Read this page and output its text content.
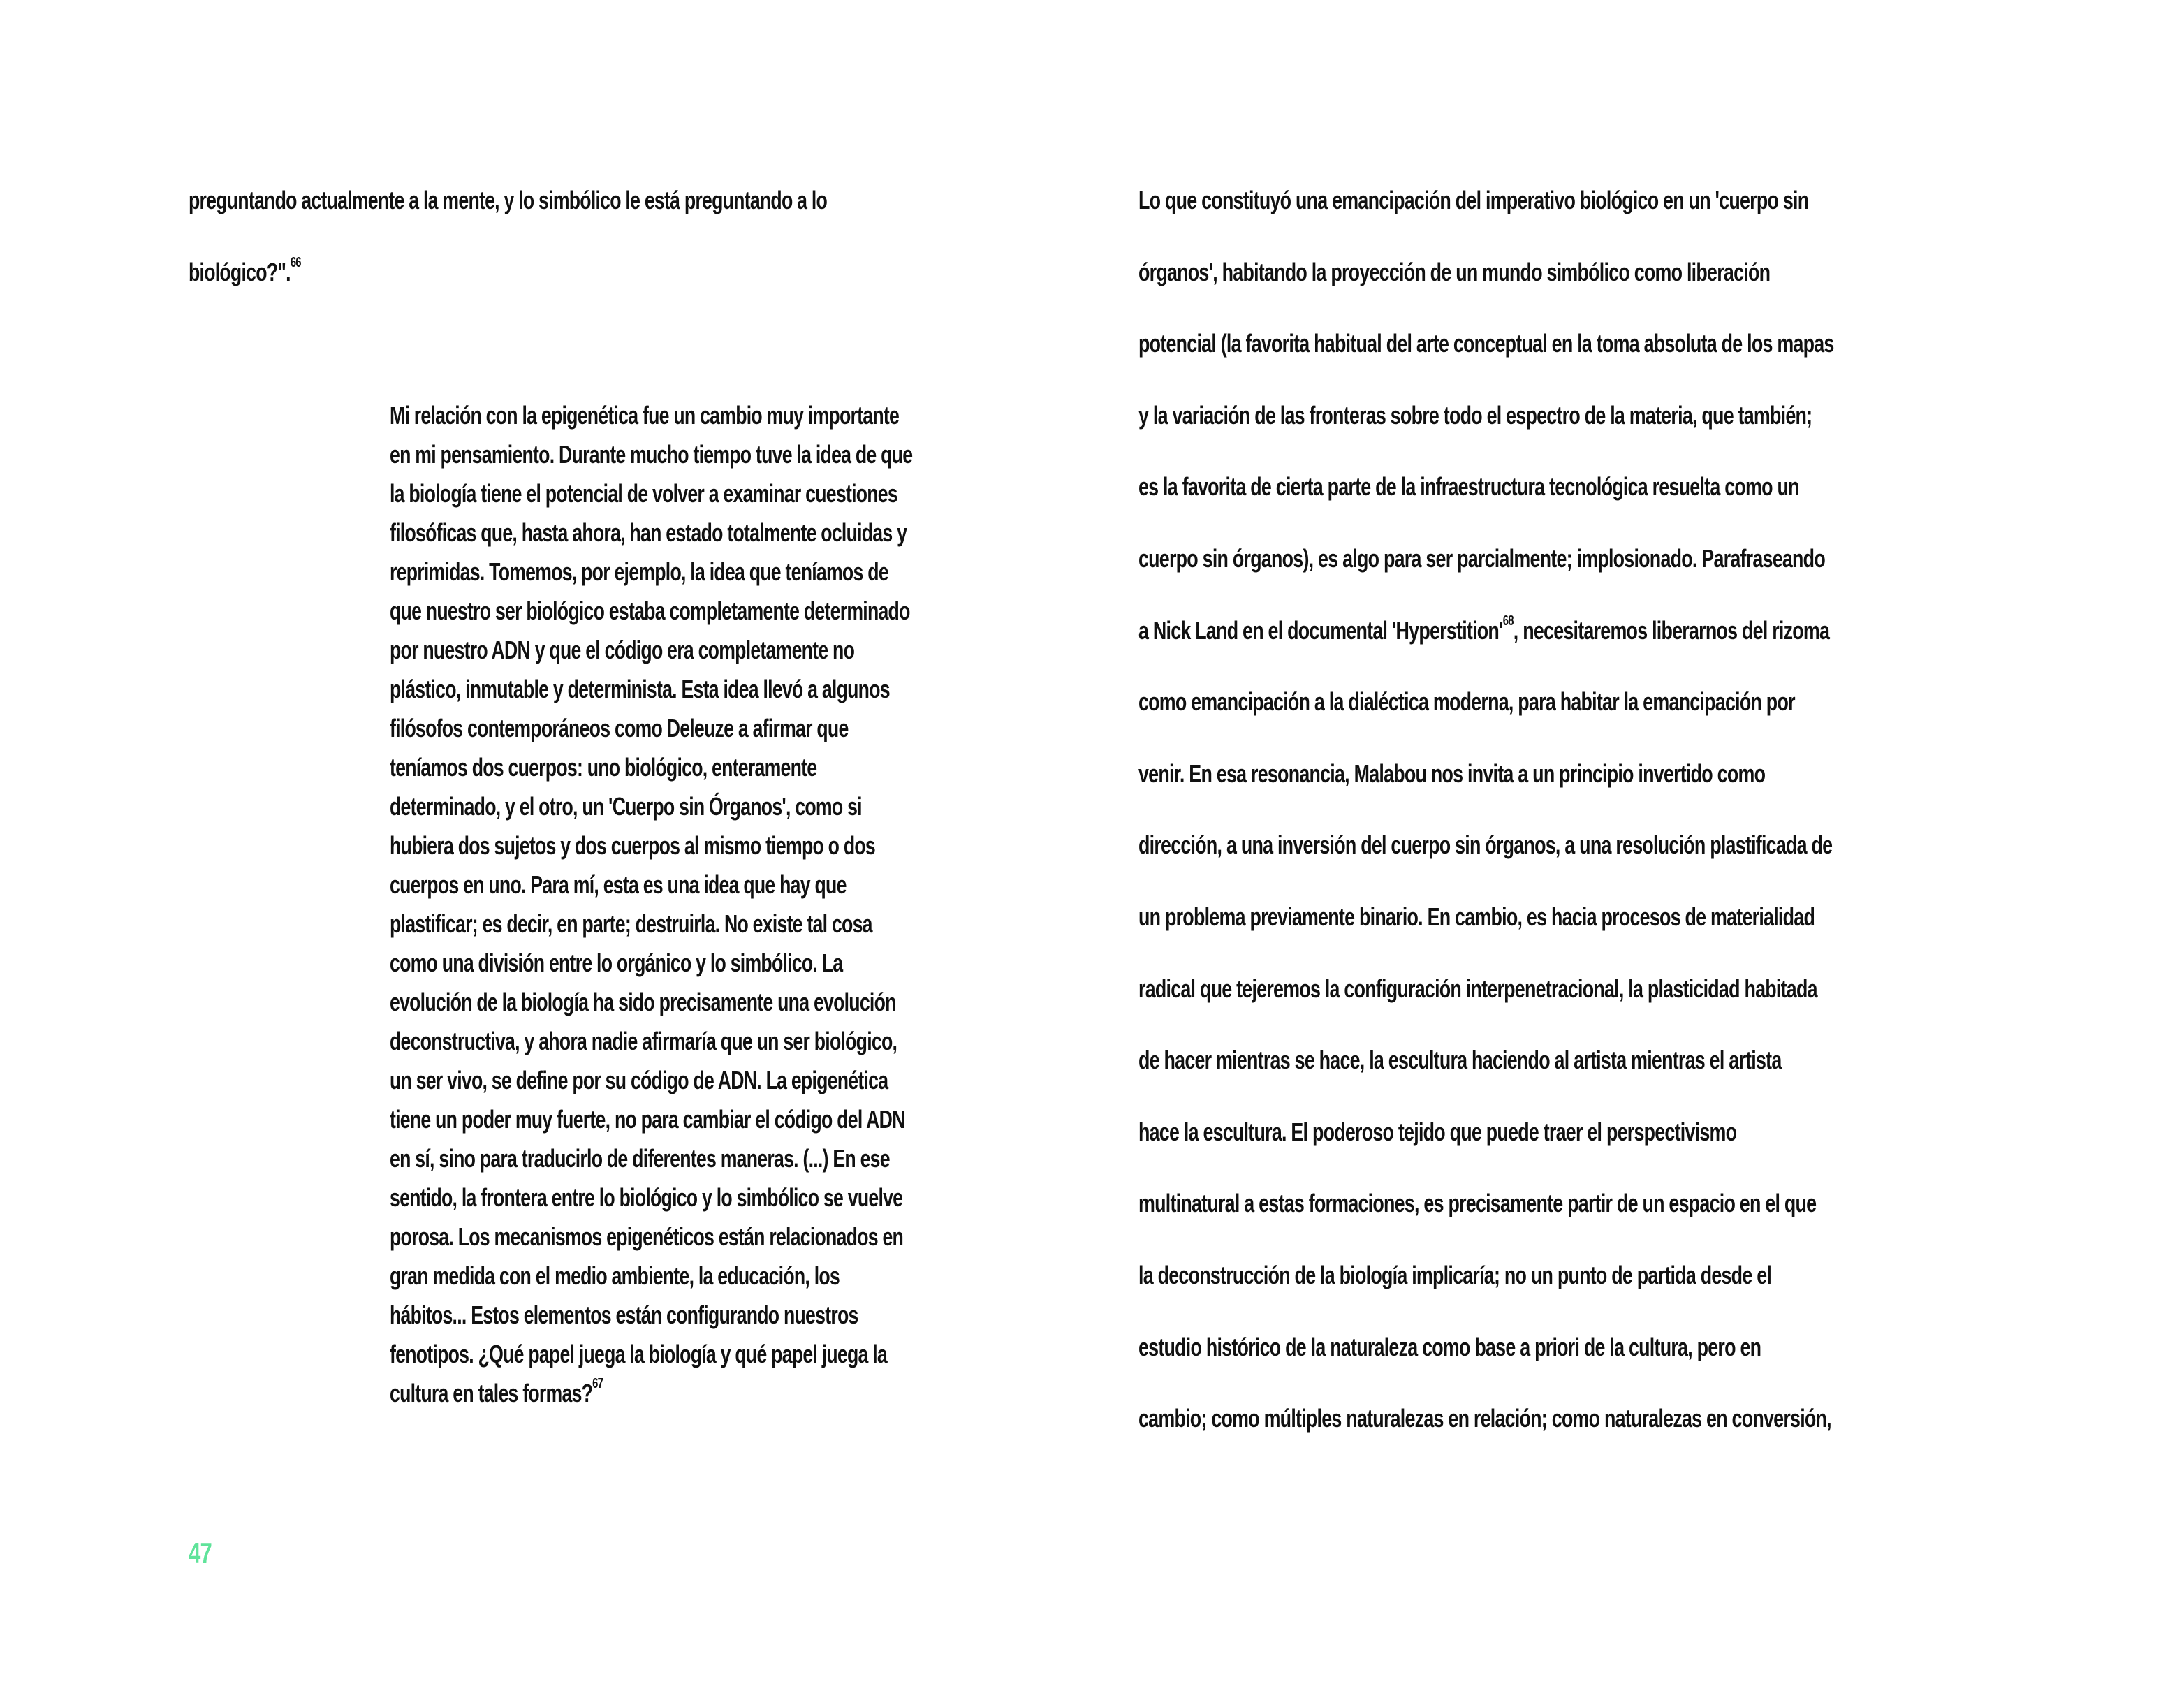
preguntando actualmente a la mente, y lo simbólico le está preguntando a lo
biológico?".$^{66}$
Mi relación con la epigenética fue un cambio muy importante
en mi pensamiento. Durante mucho tiempo tuve la idea de que
la biología tiene el potencial de volver a examinar cuestiones
filosóficas que, hasta ahora, han estado totalmente ocluidas y
reprimidas. Tomemos, por ejemplo, la idea que teníamos de
que nuestro ser biológico estaba completamente determinado
por nuestro ADN y que el código era completamente no
plástico, inmutable y determinista. Esta idea llevó a algunos
filósofos contemporáneos como Deleuze a afirmar que
teníamos dos cuerpos: uno biológico, enteramente
determinado, y el otro, un 'Cuerpo sin Órganos', como si
hubiera dos sujetos y dos cuerpos al mismo tiempo o dos
cuerpos en uno. Para mí, esta es una idea que hay que
plastificar; es decir, en parte; destruirla. No existe tal cosa
como una división entre lo orgánico y lo simbólico. La
evolución de la biología ha sido precisamente una evolución
deconstructiva, y ahora nadie afirmaría que un ser biológico,
un ser vivo, se define por su código de ADN. La epigenética
tiene un poder muy fuerte, no para cambiar el código del ADN
en sí, sino para traducirlo de diferentes maneras. (...) En ese
sentido, la frontera entre lo biológico y lo simbólico se vuelve
porosa. Los mecanismos epigenéticos están relacionados en
gran medida con el medio ambiente, la educación, los
hábitos... Estos elementos están configurando nuestros
fenotipos. ¿Qué papel juega la biología y qué papel juega la
cultura en tales formas?$^{67}$
Lo que constituyó una emancipación del imperativo biológico en un 'cuerpo sin
órganos', habitando la proyección de un mundo simbólico como liberación
potencial (la favorita habitual del arte conceptual en la toma absoluta de los mapas
y la variación de las fronteras sobre todo el espectro de la materia, que también;
es la favorita de cierta parte de la infraestructura tecnológica resuelta como un
cuerpo sin órganos), es algo para ser parcialmente; implosionado. Parafraseando
a Nick Land en el documental '$Hyperstition'^{68}$, necesitaremos liberarnos del rizoma
como emancipación a la dialéctica moderna, para habitar la emancipación por
venir. En esa resonancia, Malabou nos invita a un principio invertido como
dirección, a una inversión del cuerpo sin órganos, a una resolución plastificada de
un problema previamente binario. En cambio, es hacia procesos de materialidad
radical que tejeremos la configuración interpenetracional, la plasticidad habitada
de hacer mientras se hace, la escultura haciendo al artista mientras el artista
hace la escultura. El poderoso tejido que puede traer el perspectivismo
multinatural a estas formaciones, es precisamente partir de un espacio en el que
la deconstrucción de la biología implicaría; no un punto de partida desde el
estudio histórico de la naturaleza como base a priori de la cultura, pero en
cambio; como múltiples naturalezas en relación; como naturalezas en conversión,
47
